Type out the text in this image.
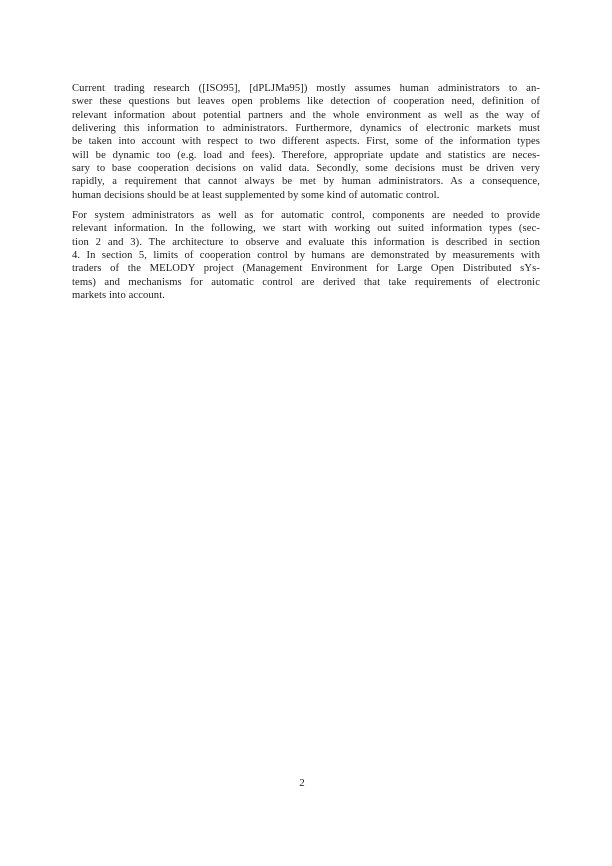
Current trading research ([ISO95], [dPLJMa95]) mostly assumes human administrators to an-
swer these questions but leaves open problems like detection of cooperation need, definition of
relevant information about potential partners and the whole environment as well as the way of
delivering this information to administrators. Furthermore, dynamics of electronic markets must
be taken into account with respect to two different aspects. First, some of the information types
will be dynamic too (e.g. load and fees). Therefore, appropriate update and statistics are neces-
sary to base cooperation decisions on valid data. Secondly, some decisions must be driven very
rapidly, a requirement that cannot always be met by human administrators. As a consequence,
human decisions should be at least supplemented by some kind of automatic control.
For system administrators as well as for automatic control, components are needed to provide
relevant information. In the following, we start with working out suited information types (sec-
tion 2 and 3). The architecture to observe and evaluate this information is described in section
4. In section 5, limits of cooperation control by humans are demonstrated by measurements with
traders of the MELODY project (Management Environment for Large Open Distributed sYs-
tems) and mechanisms for automatic control are derived that take requirements of electronic
markets into account.
2
